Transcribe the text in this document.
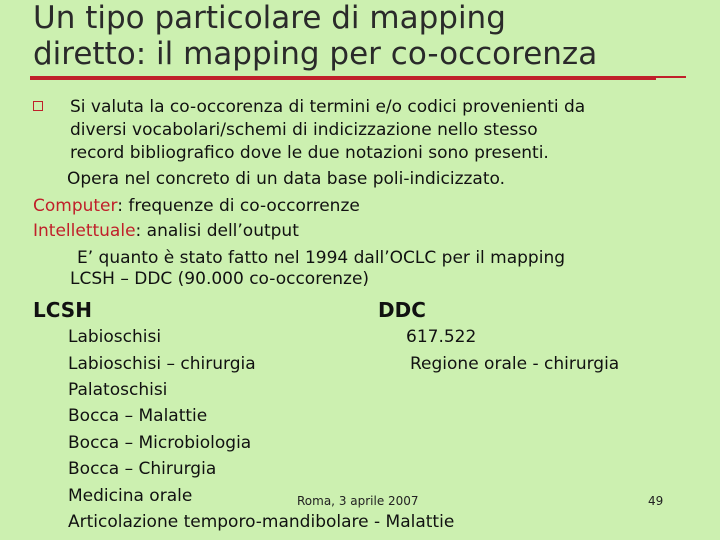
Un tipo particolare di mapping
diretto: il mapping per co-occorenza
Si valuta la co-occorenza di termini e/o codici provenienti da
diversi vocabolari/schemi di indicizzazione nello stesso
record bibliografico dove le due notazioni sono presenti.
Opera nel concreto di un data base poli-indicizzato.
Computer: frequenze di co-occorrenze
Intellettuale: analisi dell’output
E’ quanto è stato fatto nel 1994 dall’OCLC per il mapping
LCSH – DDC (90.000 co-occorenze)
LCSH	DDC
Labioschisi
Labioschisi – chirurgia
Palatoschisi
Bocca – Malattie
Bocca – Microbiologia
Bocca – Chirurgia
Medicina orale
Articolazione temporo-mandibolare - Malattie
617.522
Regione orale - chirurgia
Roma, 3 aprile 2007	49
